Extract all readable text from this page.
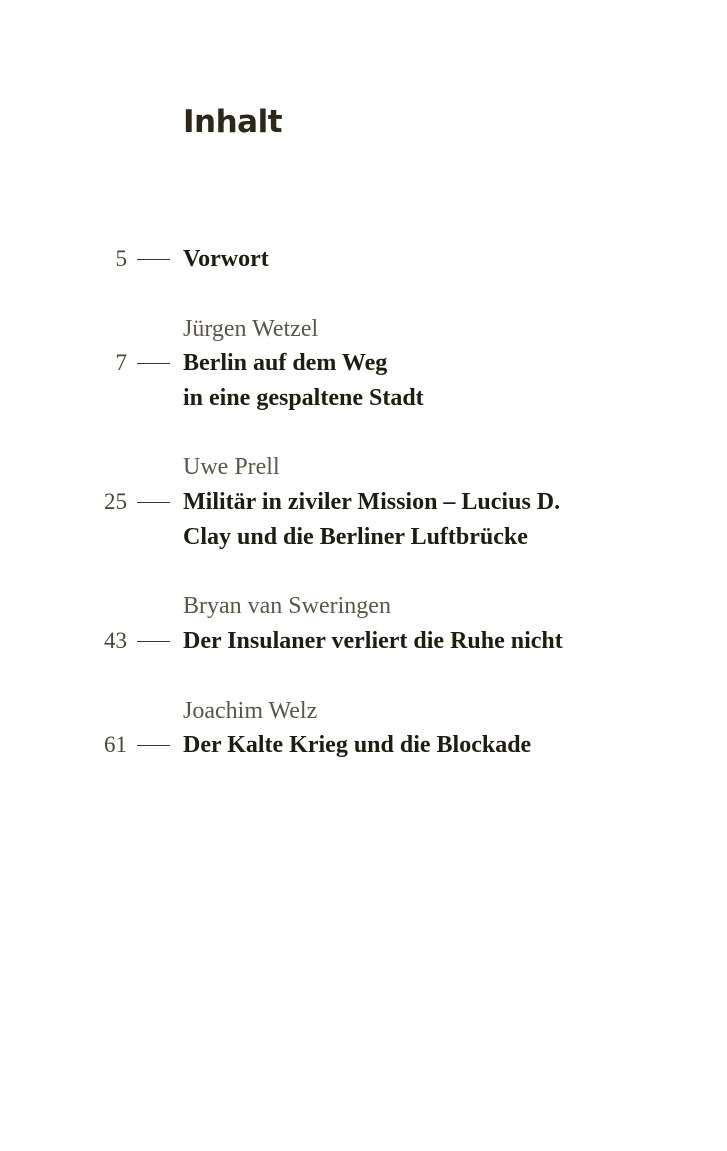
Inhalt
5 Vorwort
Jürgen Wetzel
7 Berlin auf dem Weg
in eine gespaltene Stadt
Uwe Prell
25 Militär in ziviler Mission – Lucius D.
Clay und die Berliner Luftbrücke
Bryan van Sweringen
43 Der Insulaner verliert die Ruhe nicht
Joachim Welz
61 Der Kalte Krieg und die Blockade
